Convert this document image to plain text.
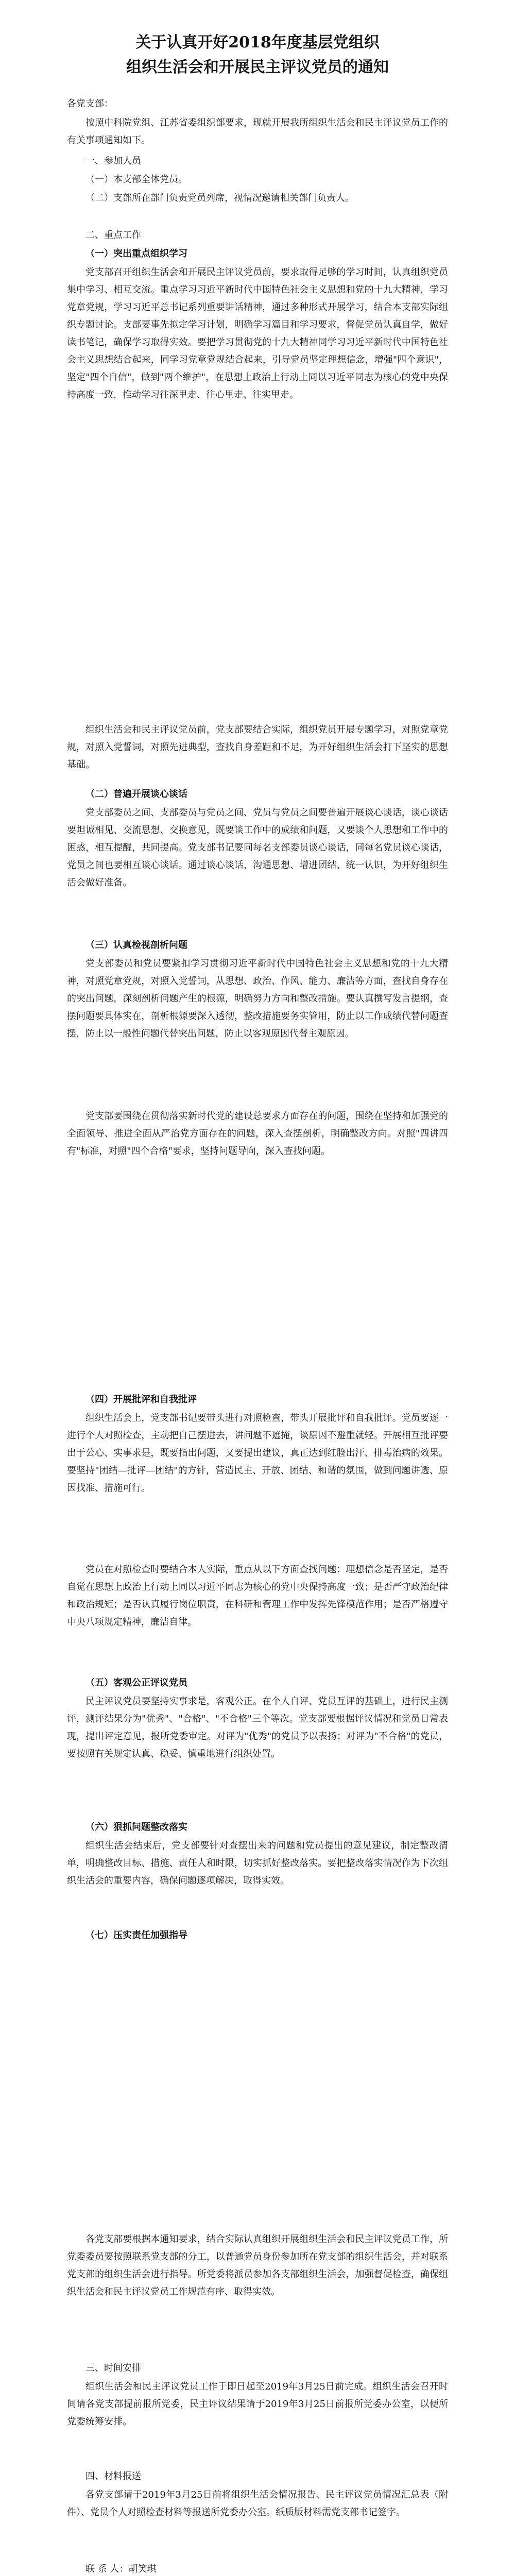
关于认真开好2018年度基层党组织
组织生活会和开展民主评议党员的通知
各党支部：
按照中科院党组、江苏省委组织部要求，现就开展我所组织生活会和民主评议党员工作的有关事项通知如下。
一、参加人员
（一）本支部全体党员。
（二）支部所在部门负责党员列席，视情况邀请相关部门负责人。
二、重点工作
（一）突出重点组织学习
党支部召开组织生活会和开展民主评议党员前，要求取得足够的学习时间，认真组织党员集中学习、相互交流。重点学习习近平新时代中国特色社会主义思想和党的十九大精神，学习党章党规，学习习近平总书记系列重要讲话精神，通过多种形式开展学习，结合本支部实际组织专题讨论。支部要事先拟定学习计划，明确学习篇目和学习要求，督促党员认真自学，做好读书笔记，确保学习取得实效。要把学习贯彻党的十九大精神同学习习近平新时代中国特色社会主义思想结合起来，同学习党章党规结合起来，引导党员坚定理想信念，增强"四个意识"，坚定"四个自信"，做到"两个维护"，在思想上政治上行动上同以习近平同志为核心的党中央保持高度一致，推动学习往深里走、往心里走、往实里走。
组织生活会和民主评议党员前，党支部要结合实际，组织党员开展专题学习，对照党章党规，对照入党誓词，对照先进典型，查找自身差距和不足，为开好组织生活会打下坚实的思想基础。
（二）普遍开展谈心谈话
党支部委员之间、支部委员与党员之间、党员与党员之间要普遍开展谈心谈话，谈心谈话要坦诚相见、交流思想、交换意见，既要谈工作中的成绩和问题，又要谈个人思想和工作中的困惑，相互提醒，共同提高。党支部书记要同每名支部委员谈心谈话，同每名党员谈心谈话，党员之间也要相互谈心谈话。通过谈心谈话，沟通思想、增进团结、统一认识，为开好组织生活会做好准备。
（三）认真检视剖析问题
党支部委员和党员要紧扣学习贯彻习近平新时代中国特色社会主义思想和党的十九大精神，对照党章党规，对照入党誓词，从思想、政治、作风、能力、廉洁等方面，查找自身存在的突出问题，深刻剖析问题产生的根源，明确努力方向和整改措施。要认真撰写发言提纲，查摆问题要具体实在，剖析根源要深入透彻，整改措施要务实管用，防止以工作成绩代替问题查摆，防止以一般性问题代替突出问题，防止以客观原因代替主观原因。
党支部要围绕在贯彻落实新时代党的建设总要求方面存在的问题，围绕在坚持和加强党的全面领导、推进全面从严治党方面存在的问题，深入查摆剖析，明确整改方向。对照"四讲四有"标准，对照"四个合格"要求，坚持问题导向，深入查找问题。
（四）开展批评和自我批评
组织生活会上，党支部书记要带头进行对照检查，带头开展批评和自我批评。党员要逐一进行个人对照检查，主动把自己摆进去，讲问题不遮掩，谈原因不避重就轻。开展相互批评要出于公心、实事求是，既要指出问题，又要提出建议，真正达到红脸出汗、排毒治病的效果。要坚持"团结—批评—团结"的方针，营造民主、开放、团结、和谐的氛围，做到问题讲透、原因找准、措施可行。
党员在对照检查时要结合本人实际，重点从以下方面查找问题：理想信念是否坚定，是否自觉在思想上政治上行动上同以习近平同志为核心的党中央保持高度一致；是否严守政治纪律和政治规矩；是否认真履行岗位职责，在科研和管理工作中发挥先锋模范作用；是否严格遵守中央八项规定精神，廉洁自律。
（五）客观公正评议党员
民主评议党员要坚持实事求是，客观公正。在个人自评、党员互评的基础上，进行民主测评，测评结果分为"优秀"、"合格"、"不合格"三个等次。党支部要根据评议情况和党员日常表现，提出评定意见，报所党委审定。对评为"优秀"的党员予以表扬；对评为"不合格"的党员，要按照有关规定认真、稳妥、慎重地进行组织处置。
（六）狠抓问题整改落实
组织生活会结束后，党支部要针对查摆出来的问题和党员提出的意见建议，制定整改清单，明确整改目标、措施、责任人和时限，切实抓好整改落实。要把整改落实情况作为下次组织生活会的重要内容，确保问题逐项解决，取得实效。
（七）压实责任加强指导
各党支部要根据本通知要求，结合实际认真组织开展组织生活会和民主评议党员工作，所党委委员要按照联系党支部的分工，以普通党员身份参加所在党支部的组织生活会，并对联系党支部的组织生活会进行指导。所党委将派员参加各支部组织生活会，加强督促检查，确保组织生活会和民主评议党员工作规范有序、取得实效。
三、时间安排
组织生活会和民主评议党员工作于即日起至2019年3月25日前完成。组织生活会召开时间请各党支部提前报所党委，民主评议结果请于2019年3月25日前报所党委办公室，以便所党委统筹安排。
四、材料报送
各党支部请于2019年3月25日前将组织生活会情况报告、民主评议党员情况汇总表（附件）、党员个人对照检查材料等报送所党委办公室。纸质版材料需党支部书记签字。
联 系 人：胡笑琪
